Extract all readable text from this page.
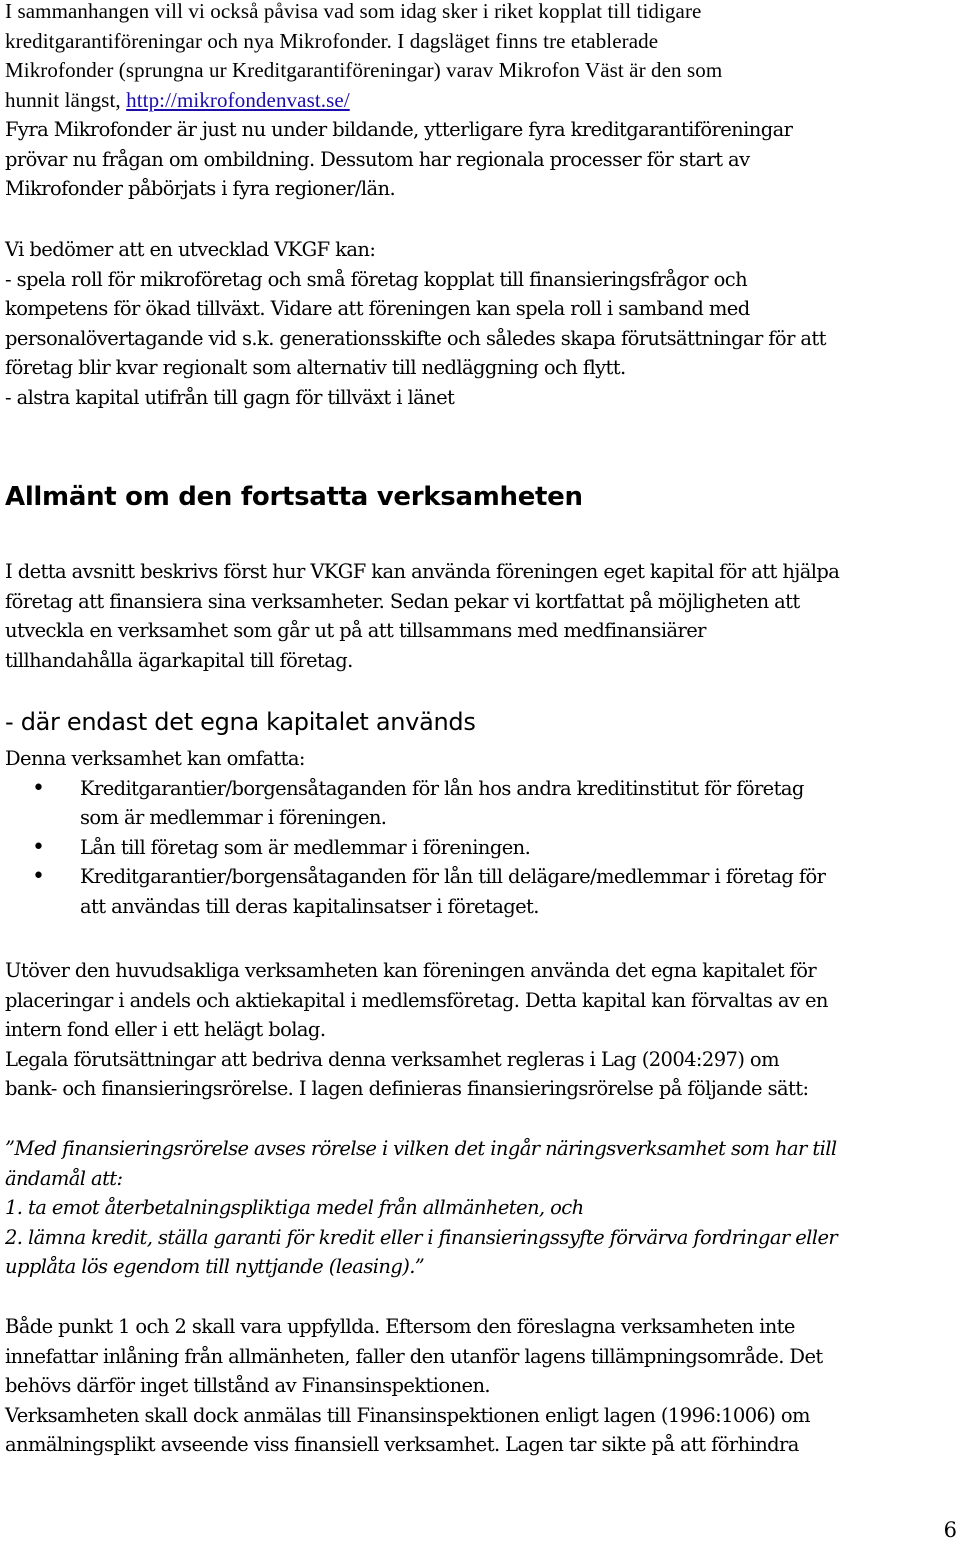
I sammanhangen vill vi också påvisa vad som idag sker i riket kopplat till tidigare
kreditgarantiföreningar och nya Mikrofonder. I dagsläget finns tre etablerade
Mikrofonder (sprungna ur Kreditgarantiföreningar) varav Mikrofon Väst är den som
hunnit längst, http://mikrofondenvast.se/
Fyra Mikrofonder är just nu under bildande, ytterligare fyra kreditgarantiföreningar
prövar nu frågan om ombildning. Dessutom har regionala processer för start av
Mikrofonder påbörjats i fyra regioner/län.
Vi bedömer att en utvecklad VKGF kan:
- spela roll för mikroföretag och små företag kopplat till finansieringsfrågor och
kompetens för ökad tillväxt. Vidare att föreningen kan spela roll i samband med
personalövertagande vid s.k. generationsskifte och således skapa förutsättningar för att
företag blir kvar regionalt som alternativ till nedläggning och flytt.
- alstra kapital utifrån till gagn för tillväxt i länet
Allmänt om den fortsatta verksamheten
I detta avsnitt beskrivs först hur VKGF kan använda föreningen eget kapital för att hjälpa
företag att finansiera sina verksamheter. Sedan pekar vi kortfattat på möjligheten att
utveckla en verksamhet som går ut på att tillsammans med medfinansiärer
tillhandahålla ägarkapital till företag.
- där endast det egna kapitalet används
Denna verksamhet kan omfatta:
• Kreditgarantier/borgensåtaganden för lån hos andra kreditinstitut för företag
som är medlemmar i föreningen.
• Lån till företag som är medlemmar i föreningen.
• Kreditgarantier/borgensåtaganden för lån till delägare/medlemmar i företag för
att användas till deras kapitalinsatser i företaget.
Utöver den huvudsakliga verksamheten kan föreningen använda det egna kapitalet för
placeringar i andels och aktiekapital i medlemsföretag. Detta kapital kan förvaltas av en
intern fond eller i ett helägt bolag.
Legala förutsättningar att bedriva denna verksamhet regleras i Lag (2004:297) om
bank- och finansieringsrörelse. I lagen definieras finansieringsrörelse på följande sätt:
”Med finansieringsrörelse avses rörelse i vilken det ingår näringsverksamhet som har till
ändamål att:
1. ta emot återbetalningspliktiga medel från allmänheten, och
2. lämna kredit, ställa garanti för kredit eller i finansieringssyfte förvärva fordringar eller
upplåta lös egendom till nyttjande (leasing).”
Både punkt 1 och 2 skall vara uppfyllda. Eftersom den föreslagna verksamheten inte
innefattar inlåning från allmänheten, faller den utanför lagens tillämpningsområde. Det
behövs därför inget tillstånd av Finansinspektionen.
Verksamheten skall dock anmälas till Finansinspektionen enligt lagen (1996:1006) om
anmälningsplikt avseende viss finansiell verksamhet. Lagen tar sikte på att förhindra
6
